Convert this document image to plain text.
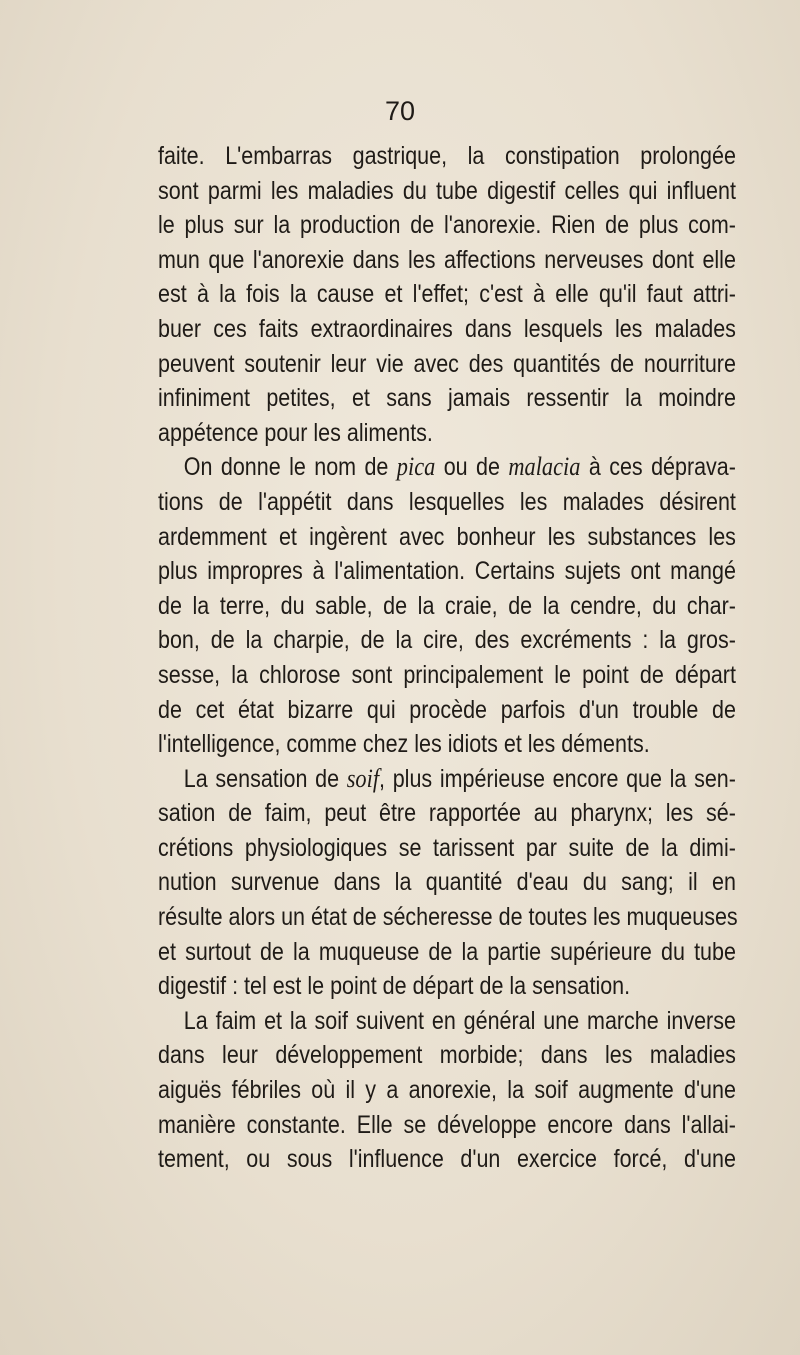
70
faite. L'embarras gastrique, la constipation prolongée
sont parmi les maladies du tube digestif celles qui influent
le plus sur la production de l'anorexie. Rien de plus com-
mun que l'anorexie dans les affections nerveuses dont elle
est à la fois la cause et l'effet; c'est à elle qu'il faut attri-
buer ces faits extraordinaires dans lesquels les malades
peuvent soutenir leur vie avec des quantités de nourriture
infiniment petites, et sans jamais ressentir la moindre
appétence pour les aliments.
On donne le nom de pica ou de malacia à ces déprava-
tions de l'appétit dans lesquelles les malades désirent
ardemment et ingèrent avec bonheur les substances les
plus impropres à l'alimentation. Certains sujets ont mangé
de la terre, du sable, de la craie, de la cendre, du char-
bon, de la charpie, de la cire, des excréments : la gros-
sesse, la chlorose sont principalement le point de départ
de cet état bizarre qui procède parfois d'un trouble de
l'intelligence, comme chez les idiots et les déments.
La sensation de soif, plus impérieuse encore que la sen-
sation de faim, peut être rapportée au pharynx; les sé-
crétions physiologiques se tarissent par suite de la dimi-
nution survenue dans la quantité d'eau du sang; il en
résulte alors un état de sécheresse de toutes les muqueuses
et surtout de la muqueuse de la partie supérieure du tube
digestif : tel est le point de départ de la sensation.
La faim et la soif suivent en général une marche inverse
dans leur développement morbide; dans les maladies
aiguës fébriles où il y a anorexie, la soif augmente d'une
manière constante. Elle se développe encore dans l'allai-
tement, ou sous l'influence d'un exercice forcé, d'une
